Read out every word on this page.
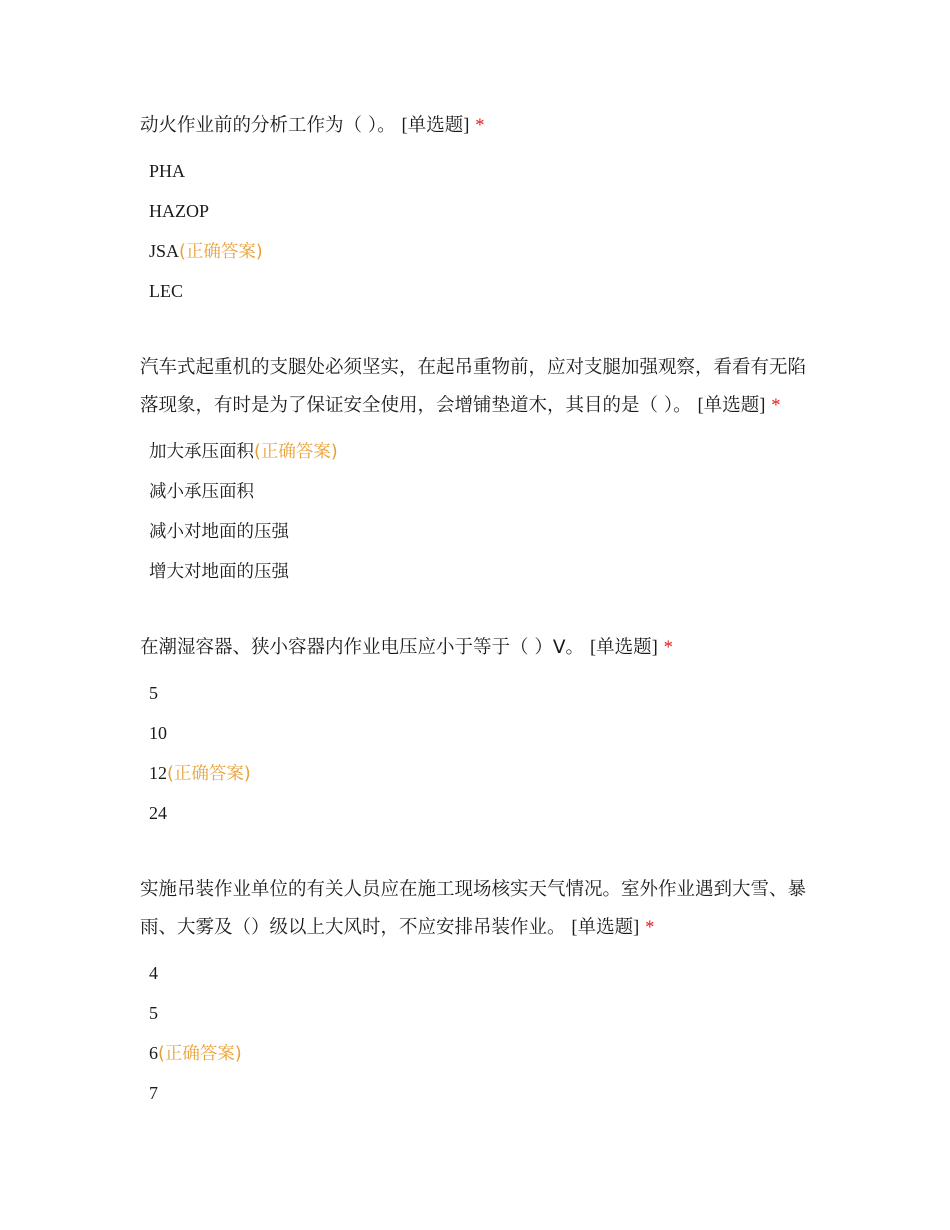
动火作业前的分析工作为（ ）。 [单选题] *
PHA
HAZOP
JSA(正确答案)
LEC
汽车式起重机的支腿处必须坚实，在起吊重物前，应对支腿加强观察，看看有无陷落现象，有时是为了保证安全使用，会增铺垫道木，其目的是（ ）。 [单选题] *
加大承压面积(正确答案)
减小承压面积
减小对地面的压强
增大对地面的压强
在潮湿容器、狭小容器内作业电压应小于等于（ ）V。 [单选题] *
5
10
12(正确答案)
24
实施吊装作业单位的有关人员应在施工现场核实天气情况。室外作业遇到大雪、暴雨、大雾及（）级以上大风时，不应安排吊装作业。 [单选题] *
4
5
6(正确答案)
7
